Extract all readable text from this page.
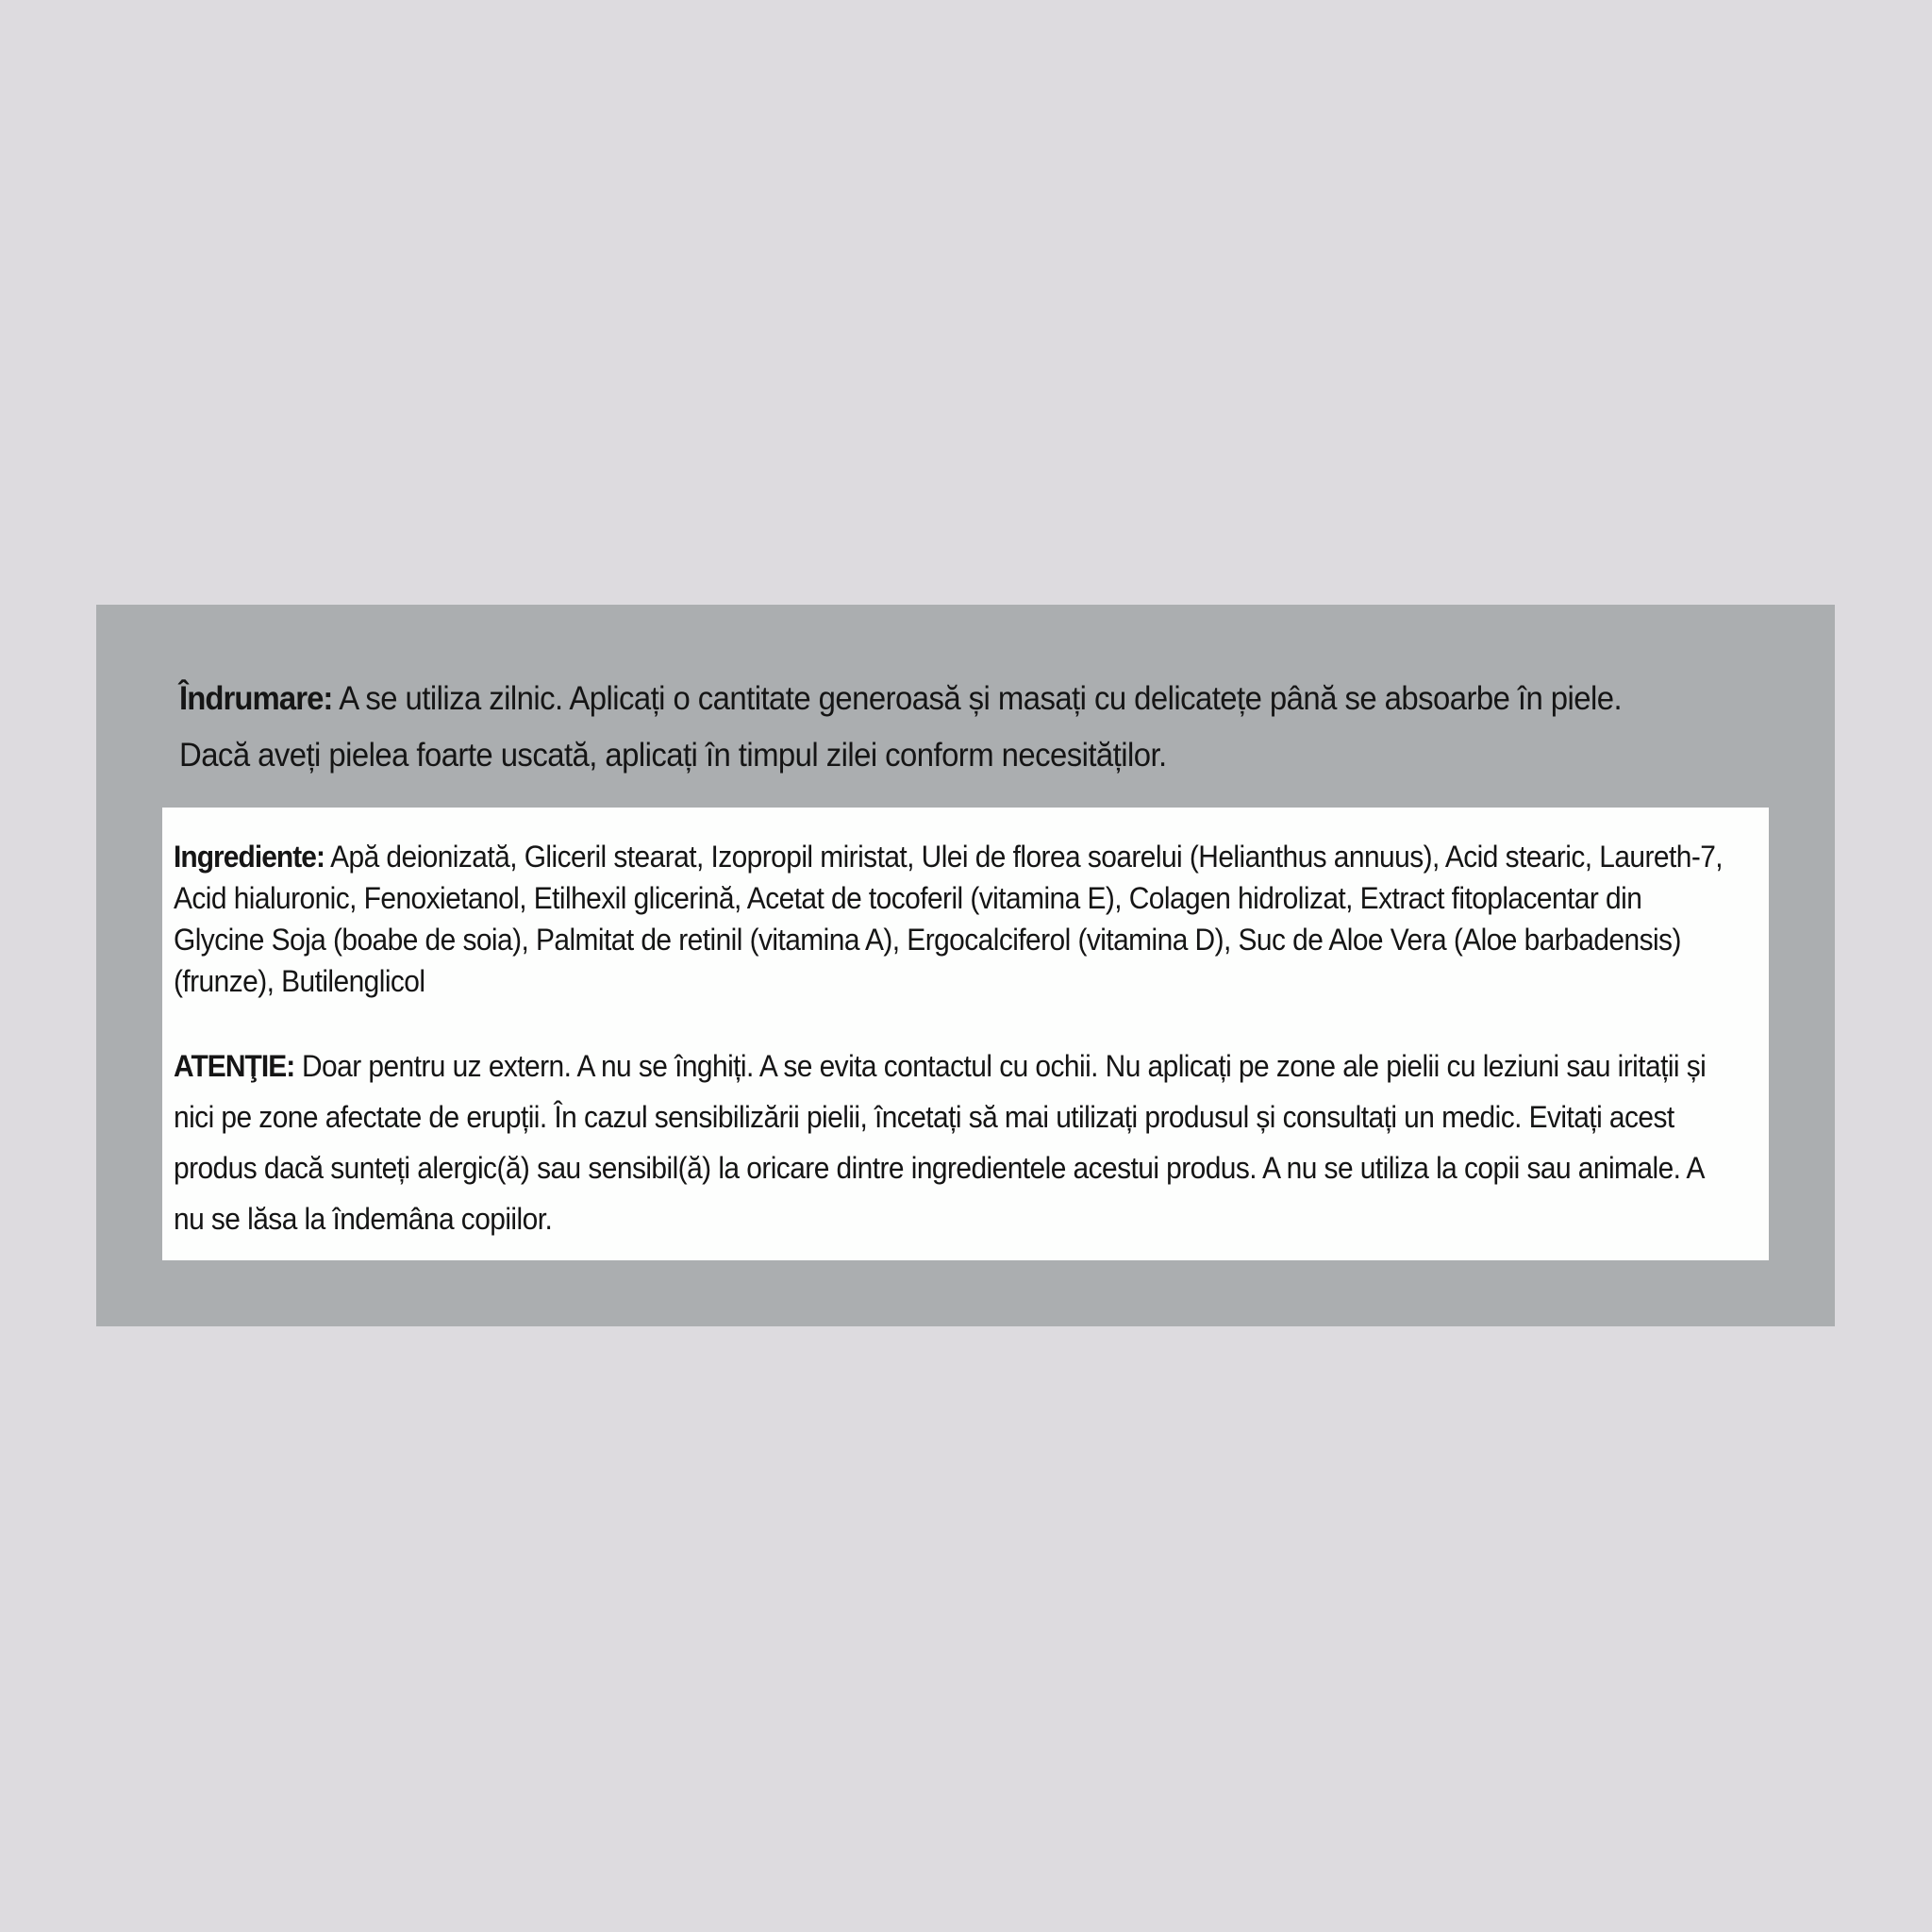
Îndrumare: A se utiliza zilnic. Aplicați o cantitate generoasă și masați cu delicatețe până se absoarbe în piele. Dacă aveți pielea foarte uscată, aplicați în timpul zilei conform necesităților.

Ingrediente: Apă deionizată, Gliceril stearat, Izopropil miristat, Ulei de florea soarelui (Helianthus annuus), Acid stearic, Laureth-7, Acid hialuronic, Fenoxietanol, Etilhexil glicerină, Acetat de tocoferil (vitamina E), Colagen hidrolizat, Extract fitoplacentar din Glycine Soja (boabe de soia), Palmitat de retinil (vitamina A), Ergocalciferol (vitamina D), Suc de Aloe Vera (Aloe barbadensis)(frunze), Butilenglicol

ATENŢIE: Doar pentru uz extern. A nu se înghiți. A se evita contactul cu ochii. Nu aplicați pe zone ale pielii cu leziuni sau iritații și nici pe zone afectate de erupții. În cazul sensibilizării pielii, încetați să mai utilizați produsul și consultați un medic. Evitați acest produs dacă sunteți alergic(ă) sau sensibil(ă) la oricare dintre ingredientele acestui produs. A nu se utiliza la copii sau animale. A nu se lăsa la îndemâna copiilor.
